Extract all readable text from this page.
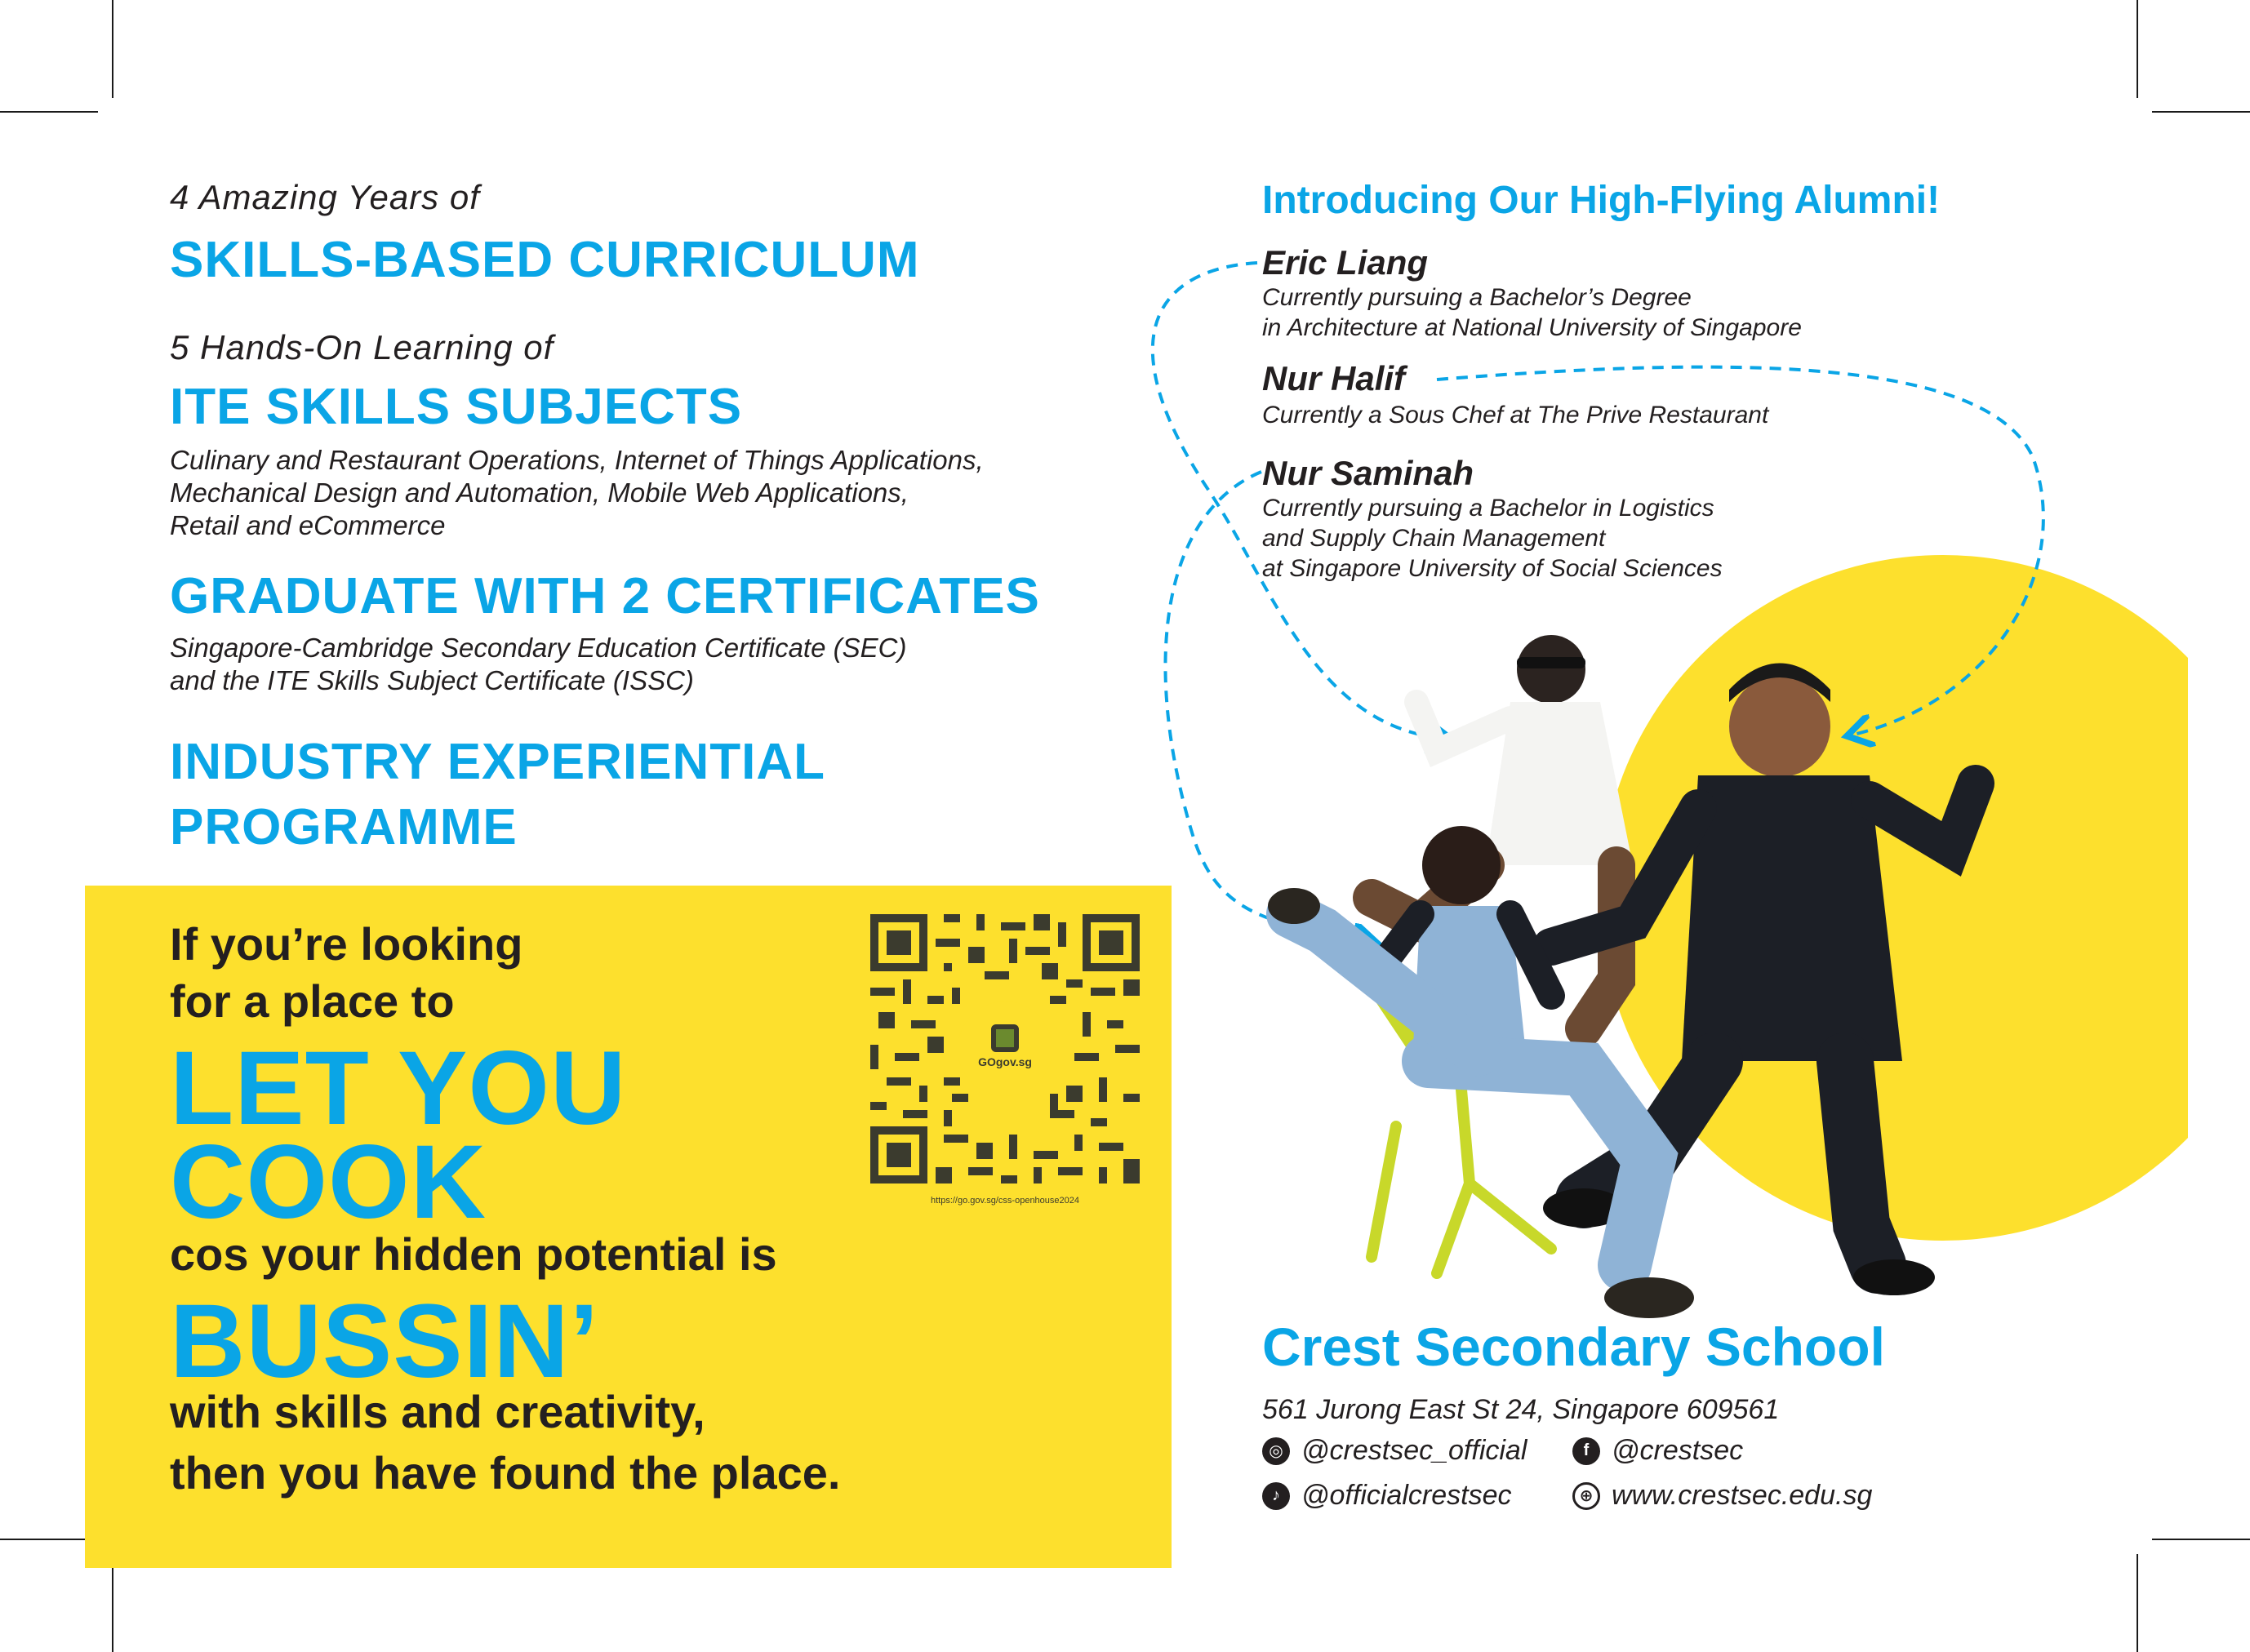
4 Amazing Years of
SKILLS-BASED CURRICULUM
5 Hands-On Learning of
ITE SKILLS SUBJECTS
Culinary and Restaurant Operations, Internet of Things Applications,
Mechanical Design and Automation, Mobile Web Applications,
Retail and eCommerce
GRADUATE WITH 2 CERTIFICATES
Singapore-Cambridge Secondary Education Certificate (SEC)
and the ITE Skills Subject Certificate (ISSC)
INDUSTRY EXPERIENTIAL
PROGRAMME
If you’re looking
for a place to
LET YOU
COOK
cos your hidden potential is
BUSSIN’
with skills and creativity,
then you have found the place.
GOgov.sg
https://go.gov.sg/css-openhouse2024
Introducing Our High-Flying Alumni!
Eric Liang
Currently pursuing a Bachelor’s Degree
in Architecture at National University of Singapore
Nur Halif
Currently a Sous Chef at The Prive Restaurant
Nur Saminah
Currently pursuing a Bachelor in Logistics
and Supply Chain Management
at Singapore University of Social Sciences
Crest Secondary School
561 Jurong East St 24, Singapore 609561
◎ @crestsec_official	f @crestsec
♪ @officialcrestsec	⊕ www.crestsec.edu.sg
